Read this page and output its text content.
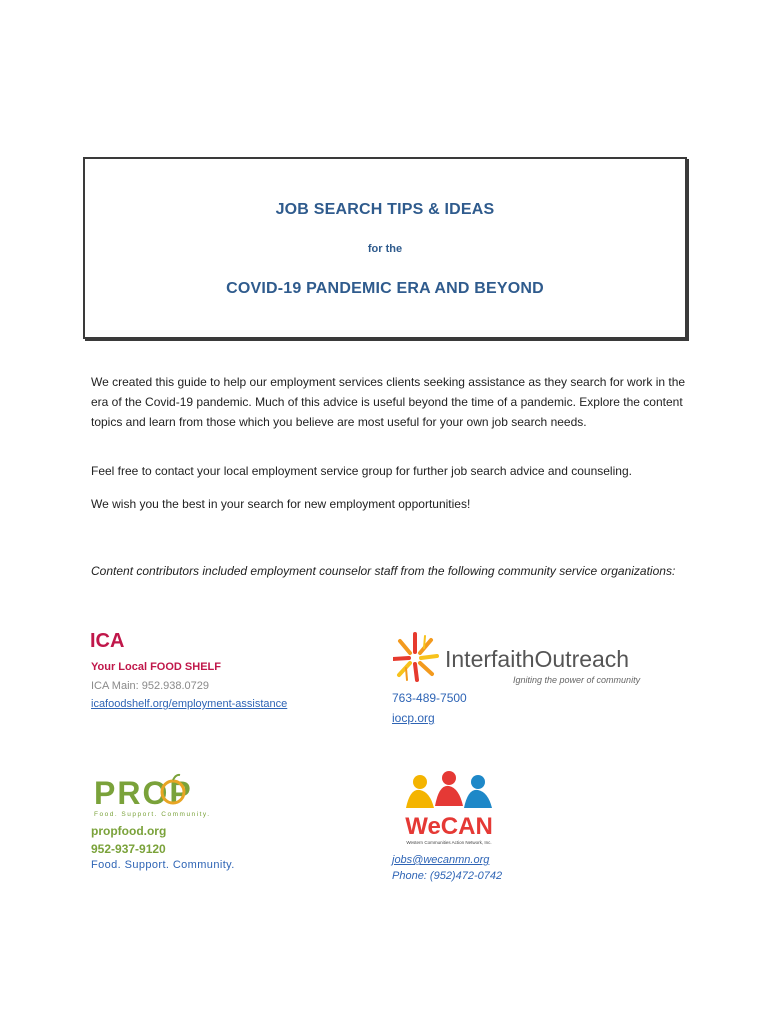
JOB SEARCH TIPS & IDEAS
for the
COVID-19 PANDEMIC ERA AND BEYOND
We created this guide to help our employment services clients seeking assistance as they search for work in the era of the Covid-19 pandemic. Much of this advice is useful beyond the time of a pandemic. Explore the content topics and learn from those which you believe are most useful for your own job search needs.
Feel free to contact your local employment service group for further job search advice and counseling.
We wish you the best in your search for new employment opportunities!
Content contributors included employment counselor staff from the following community service organizations:
ICA
Your Local FOOD SHELF
ICA Main: 952.938.0729
icafoodshelf.org/employment-assistance
InterfaithOutreach
Igniting the power of community
763-489-7500
iocp.org
PROP
Food. Support. Community.
propfood.org
952-937-9120
Food. Support. Community.
WeCAN
Western Communities Action Network, Inc.
jobs@wecanmn.org
Phone: (952)472-0742
